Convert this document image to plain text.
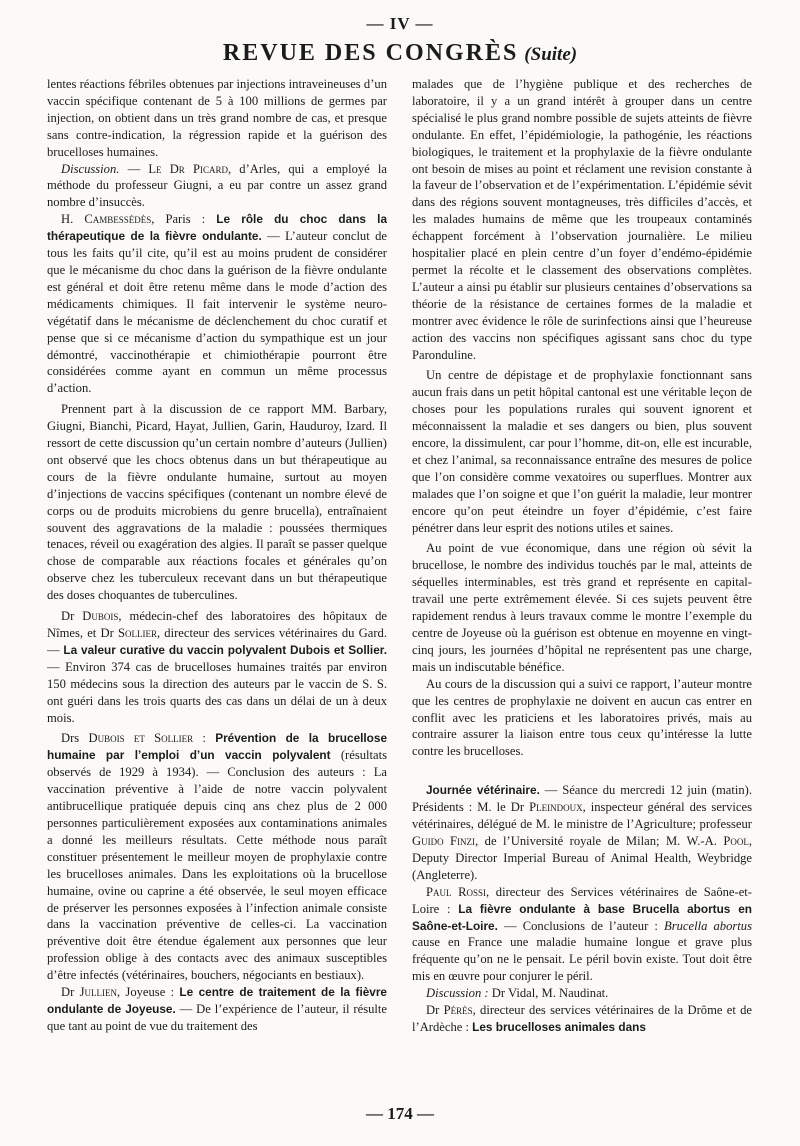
— IV —
REVUE DES CONGRÈS (Suite)

lentes réactions fébriles obtenues par injections intraveineuses d’un vaccin spécifique contenant de 5 à 100 millions de germes par injection, on obtient dans un très grand nombre de cas, et presque sans contre-indication, la régression rapide et la guérison des brucelloses humaines.

Discussion. — Le Dr Picard, d’Arles, qui a employé la méthode du professeur Giugni, a eu par contre un assez grand nombre d’insuccès.

H. Cambessédès, Paris : Le rôle du choc dans la thérapeutique de la fièvre ondulante. — L’auteur conclut de tous les faits qu’il cite, qu’il est au moins prudent de considérer que le mécanisme du choc dans la guérison de la fièvre ondulante est général et doit être retenu même dans le mode d’action des médicaments chimiques. Il fait intervenir le système neuro-végétatif dans le mécanisme de déclenchement du choc curatif et pense que si ce mécanisme d’action du sympathique est un jour démontré, vaccinothérapie et chimiothérapie pourront être considérées comme ayant en commun un même processus d’action.

Prennent part à la discussion de ce rapport MM. Barbary, Giugni, Bianchi, Picard, Hayat, Jullien, Garin, Hauduroy, Izard. Il ressort de cette discussion qu’un certain nombre d’auteurs (Jullien) ont observé que les chocs obtenus dans un but thérapeutique au cours de la fièvre ondulante humaine, surtout au moyen d’injections de vaccins spécifiques (contenant un nombre élevé de corps ou de produits microbiens du genre brucella), entraînaient souvent des aggravations de la maladie : poussées thermiques tenaces, réveil ou exagération des algies. Il paraît se passer quelque chose de comparable aux réactions focales et générales qu’on observe chez les tuberculeux recevant dans un but thérapeutique des doses choquantes de tuberculines.

Dr Dubois, médecin-chef des laboratoires des hôpitaux de Nîmes, et Dr Sollier, directeur des services vétérinaires du Gard. — La valeur curative du vaccin polyvalent Dubois et Sollier. — Environ 374 cas de brucelloses humaines traités par environ 150 médecins sous la direction des auteurs par le vaccin de S. S. ont guéri dans les trois quarts des cas dans un délai de un à deux mois.

Drs Dubois et Sollier : Prévention de la brucellose humaine par l’emploi d’un vaccin polyvalent (résultats observés de 1929 à 1934). — Conclusion des auteurs : La vaccination préventive à l’aide de notre vaccin polyvalent antibrucellique pratiquée depuis cinq ans chez plus de 2 000 personnes particulièrement exposées aux contaminations animales a donné les meilleurs résultats. Cette méthode nous paraît constituer présentement le meilleur moyen de prophylaxie contre les brucelloses animales. Dans les exploitations où la brucellose humaine, ovine ou caprine a été observée, le seul moyen efficace de préserver les personnes exposées à l’infection animale consiste dans la vaccination préventive de celles-ci. La vaccination préventive doit être étendue également aux personnes que leur profession oblige à des contacts avec des animaux susceptibles d’être infectés (vétérinaires, bouchers, négociants en bestiaux).

Dr Jullien, Joyeuse : Le centre de traitement de la fièvre ondulante de Joyeuse. — De l’expérience de l’auteur, il résulte que tant au point de vue du traitement des

malades que de l’hygiène publique et des recherches de laboratoire, il y a un grand intérêt à grouper dans un centre spécialisé le plus grand nombre possible de sujets atteints de fièvre ondulante. En effet, l’épidémiologie, la pathogénie, les réactions biologiques, le traitement et la prophylaxie de la fièvre ondulante ont besoin de mises au point et réclament une revision constante à la faveur de l’observation et de l’expérimentation. L’épidémie sévit dans des régions souvent montagneuses, très difficiles d’accès, et les malades humains de même que les troupeaux contaminés échappent forcément à l’observation journalière. Le milieu hospitalier placé en plein centre d’un foyer d’endémo-épidémie permet la récolte et le classement des observations complètes. L’auteur a ainsi pu établir sur plusieurs centaines d’observations sa théorie de la résistance de certaines formes de la maladie et montrer avec évidence le rôle de surinfections ainsi que l’heureuse action des vaccins non spécifiques agissant sans choc du type Paronduline.

Un centre de dépistage et de prophylaxie fonctionnant sans aucun frais dans un petit hôpital cantonal est une véritable leçon de choses pour les populations rurales qui souvent ignorent et méconnaissent la maladie et ses dangers ou bien, plus souvent encore, la dissimulent, car pour l’homme, dit-on, elle est incurable, et chez l’animal, sa reconnaissance entraîne des mesures de police que l’on considère comme vexatoires ou superflues. Montrer aux malades que l’on soigne et que l’on guérit la maladie, leur montrer encore qu’on peut éteindre un foyer d’épidémie, c’est faire pénétrer dans leur esprit des notions utiles et saines.

Au point de vue économique, dans une région où sévit la brucellose, le nombre des individus touchés par le mal, atteints de séquelles interminables, est très grand et représente en capital-travail une perte extrêmement élevée. Si ces sujets peuvent être rapidement rendus à leurs travaux comme le montre l’exemple du centre de Joyeuse où la guérison est obtenue en moyenne en vingt-cinq jours, les journées d’hôpital ne représentent pas une charge, mais un indiscutable bénéfice.

Au cours de la discussion qui a suivi ce rapport, l’auteur montre que les centres de prophylaxie ne doivent en aucun cas entrer en conflit avec les praticiens et les laboratoires privés, mais au contraire assurer la liaison entre tous ceux qu’intéresse la lutte contre les brucelloses.

Journée vétérinaire. — Séance du mercredi 12 juin (matin). Présidents : M. le Dr Pleindoux, inspecteur général des services vétérinaires, délégué de M. le ministre de l’Agriculture; professeur Guido Finzi, de l’Université royale de Milan; M. W.-A. Pool, Deputy Director Imperial Bureau of Animal Health, Weybridge (Angleterre).

Paul Rossi, directeur des Services vétérinaires de Saône-et-Loire : La fièvre ondulante à base Brucella abortus en Saône-et-Loire. — Conclusions de l’auteur : Brucella abortus cause en France une maladie humaine longue et grave plus fréquente qu’on ne le pensait. Le péril bovin existe. Tout doit être mis en œuvre pour conjurer le péril.

Discussion : Dr Vidal, M. Naudinat.

Dr Pérès, directeur des services vétérinaires de la Drôme et de l’Ardèche : Les brucelloses animales dans

— 174 —
